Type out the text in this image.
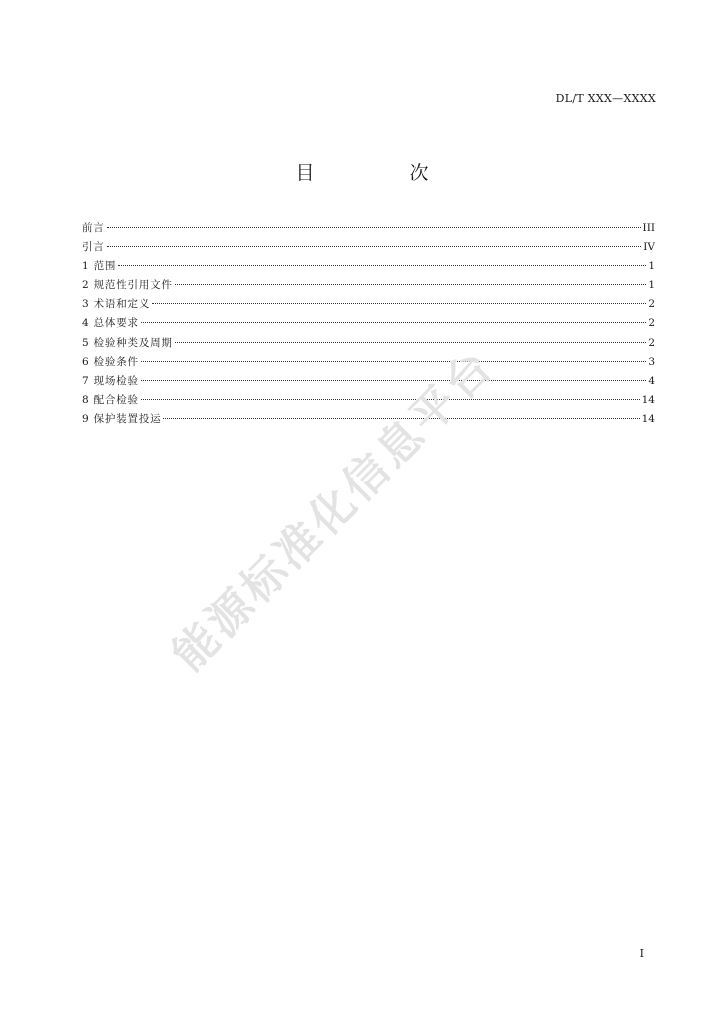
DL/T XXX—XXXX
目　次
前言	III
引言	IV
1 范围	1
2 规范性引用文件	1
3 术语和定义	2
4 总体要求	2
5 检验种类及周期	2
6 检验条件	3
7 现场检验	4
8 配合检验	14
9 保护装置投运	14
能源标准化信息平台
I
